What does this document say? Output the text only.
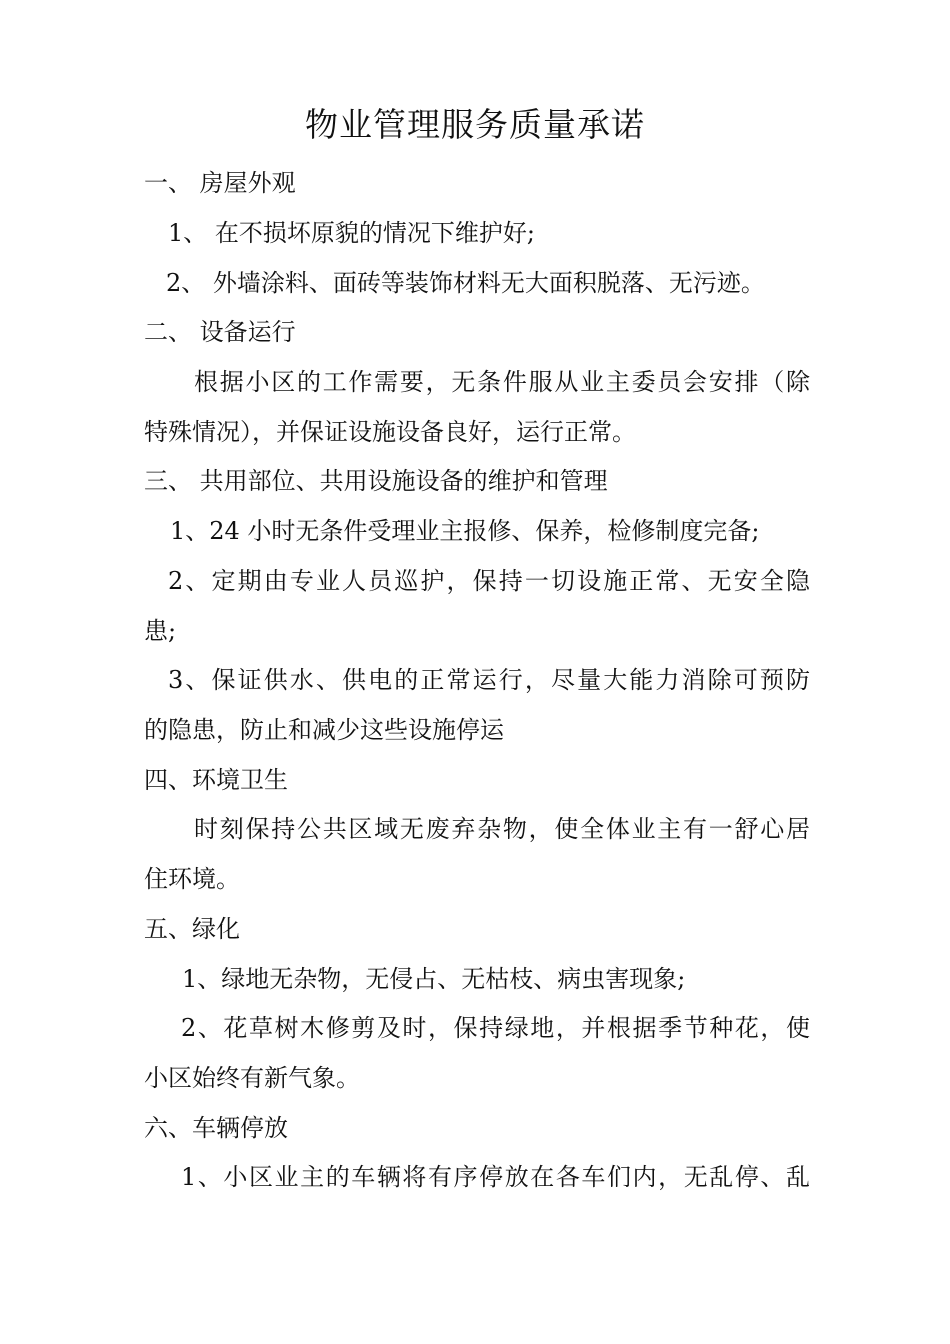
物业管理服务质量承诺
一、 房屋外观
1、 在不损坏原貌的情况下维护好;
2、 外墙涂料、面砖等装饰材料无大面积脱落、无污迹。
二、 设备运行
根据小区的工作需要，无条件服从业主委员会安排（除
特殊情况），并保证设施设备良好，运行正常。
三、 共用部位、共用设施设备的维护和管理
1、24 小时无条件受理业主报修、保养，检修制度完备;
2、定期由专业人员巡护，保持一切设施正常、无安全隐
患;
3、保证供水、供电的正常运行，尽量大能力消除可预防
的隐患，防止和减少这些设施停运
四、环境卫生
时刻保持公共区域无废弃杂物，使全体业主有一舒心居
住环境。
五、绿化
1、绿地无杂物，无侵占、无枯枝、病虫害现象;
2、花草树木修剪及时，保持绿地，并根据季节种花，使
小区始终有新气象。
六、车辆停放
1、小区业主的车辆将有序停放在各车们内，无乱停、乱
